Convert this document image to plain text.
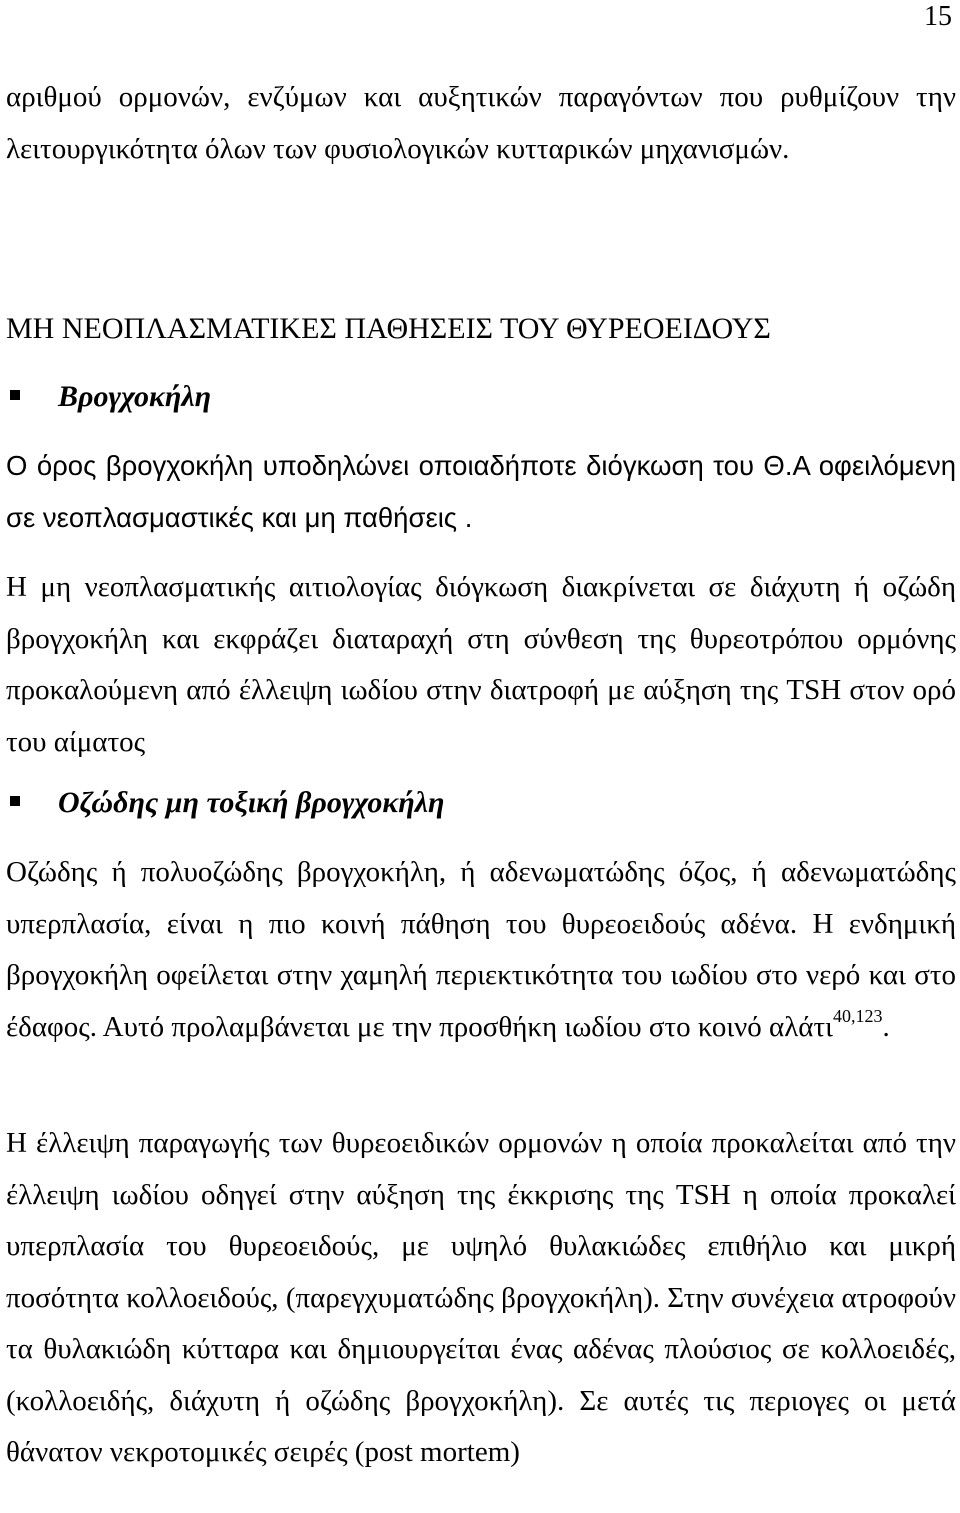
15

αριθμού ορμονών, ενζύμων και αυξητικών παραγόντων που ρυθμίζουν την λειτουργικότητα όλων των φυσιολογικών κυτταρικών μηχανισμών.

ΜΗ ΝΕΟΠΛΑΣΜΑΤΙΚΕΣ ΠΑΘΗΣΕΙΣ ΤΟΥ ΘΥΡΕΟΕΙΔΟΥΣ
Βρογχοκήλη

Ο όρος βρογχοκήλη υποδηλώνει οποιαδήποτε διόγκωση του Θ.Α οφειλόμενη σε νεοπλασμαστικές και μη παθήσεις .

Η μη νεοπλασματικής αιτιολογίας διόγκωση διακρίνεται σε διάχυτη ή οζώδη βρογχοκήλη και εκφράζει διαταραχή στη σύνθεση της θυρεοτρόπου ορμόνης προκαλούμενη από έλλειψη ιωδίου στην διατροφή με αύξηση της TSH στον ορό του αίματος

Οζώδης μη τοξική βρογχοκήλη

Οζώδης ή πολυοζώδης βρογχοκήλη, ή αδενωματώδης όζος, ή αδενωματώδης υπερπλασία, είναι η πιο κοινή πάθηση του θυρεοειδούς αδένα. Η ενδημική βρογχοκήλη οφείλεται στην χαμηλή περιεκτικότητα του ιωδίου στο νερό και στο έδαφος. Αυτό προλαμβάνεται με την προσθήκη ιωδίου στο κοινό αλάτι$^{40,123}$.

Η έλλειψη παραγωγής των θυρεοειδικών ορμονών η οποία προκαλείται από την έλλειψη ιωδίου οδηγεί στην αύξηση της έκκρισης της TSH η οποία προκαλεί υπερπλασία του θυρεοειδούς, με υψηλό θυλακιώδες επιθήλιο και μικρή ποσότητα κολλοειδούς, (παρεγχυματώδης βρογχοκήλη). Στην συνέχεια ατροφούν τα θυλακιώδη κύτταρα και δημιουργείται ένας αδένας πλούσιος σε κολλοειδές, (κολλοειδής, διάχυτη ή οζώδης βρογχοκήλη). Σε αυτές τις περιογες οι μετά θάνατον νεκροτομικές σειρές (post mortem)
